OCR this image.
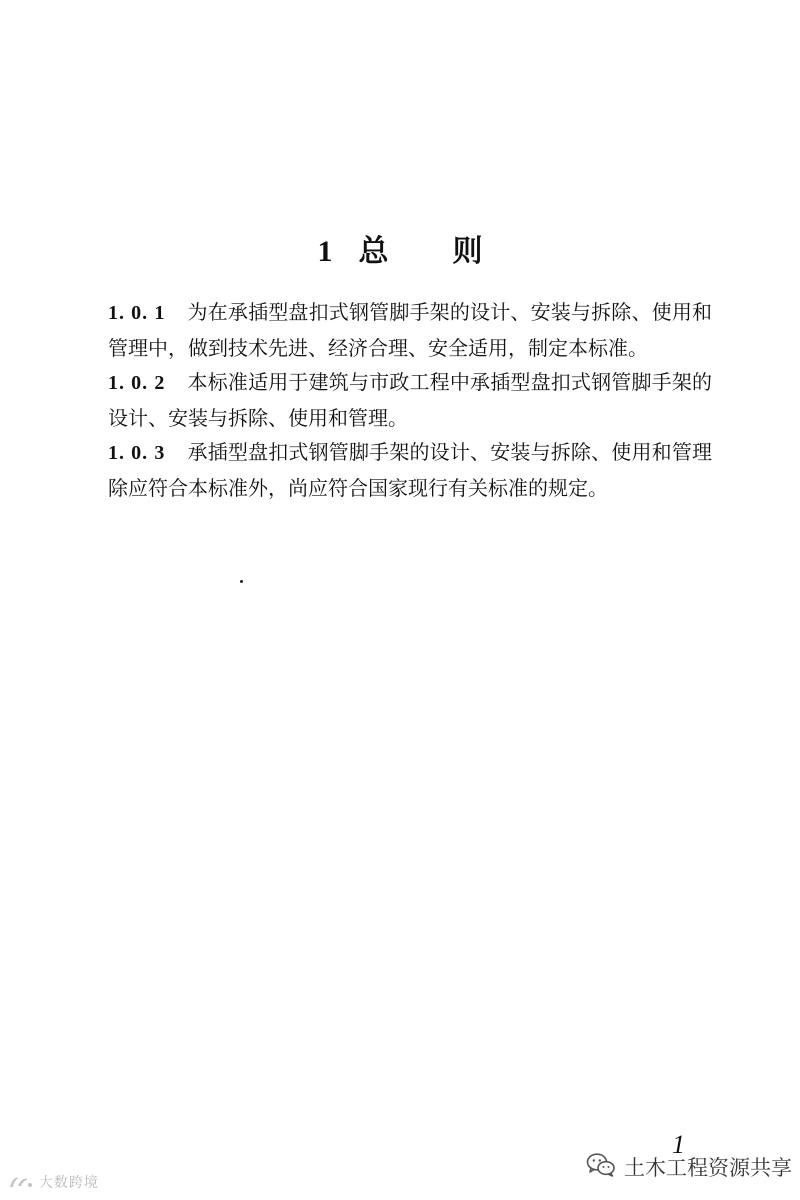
1 总 则

1. 0. 1 为在承插型盘扣式钢管脚手架的设计、安装与拆除、使用和管理中，做到技术先进、经济合理、安全适用，制定本标准。

1. 0. 2 本标准适用于建筑与市政工程中承插型盘扣式钢管脚手架的设计、安装与拆除、使用和管理。

1. 0. 3 承插型盘扣式钢管脚手架的设计、安装与拆除、使用和管理除应符合本标准外，尚应符合国家现行有关标准的规定。

1
大数跨境
土木工程资源共享
